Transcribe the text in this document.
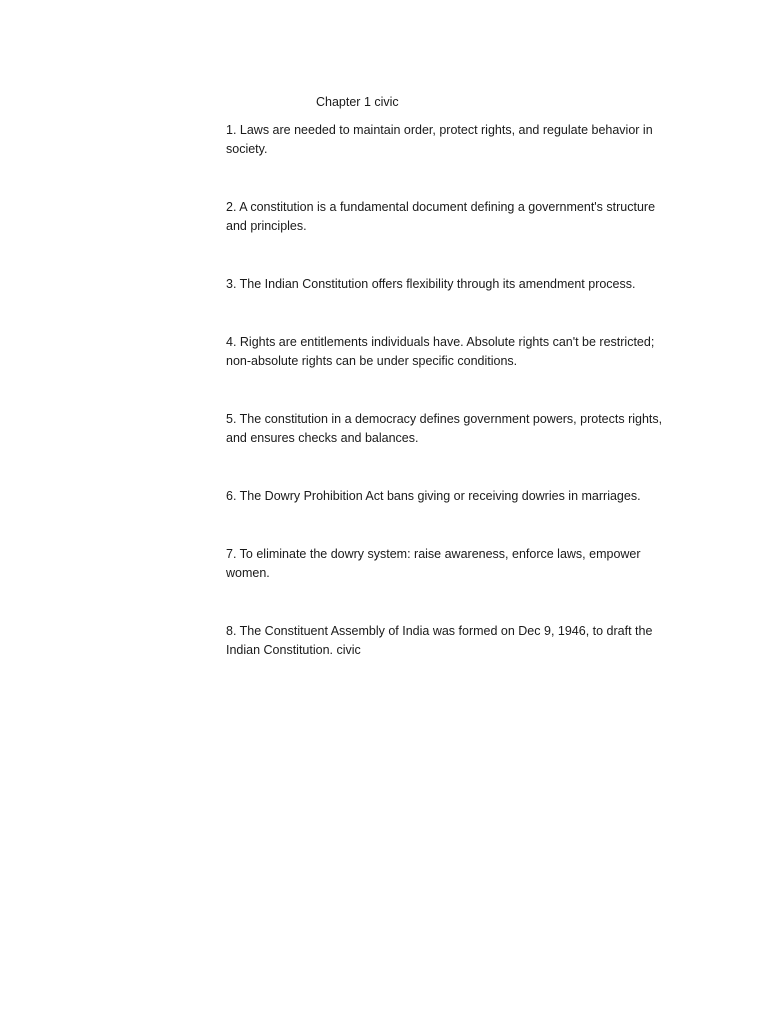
Chapter 1 civic
1. Laws are needed to maintain order, protect rights, and regulate behavior in society.
2. A constitution is a fundamental document defining a government's structure and principles.
3. The Indian Constitution offers flexibility through its amendment process.
4. Rights are entitlements individuals have. Absolute rights can't be restricted; non-absolute rights can be under specific conditions.
5. The constitution in a democracy defines government powers, protects rights, and ensures checks and balances.
6. The Dowry Prohibition Act bans giving or receiving dowries in marriages.
7. To eliminate the dowry system: raise awareness, enforce laws, empower women.
8. The Constituent Assembly of India was formed on Dec 9, 1946, to draft the Indian Constitution. civic
